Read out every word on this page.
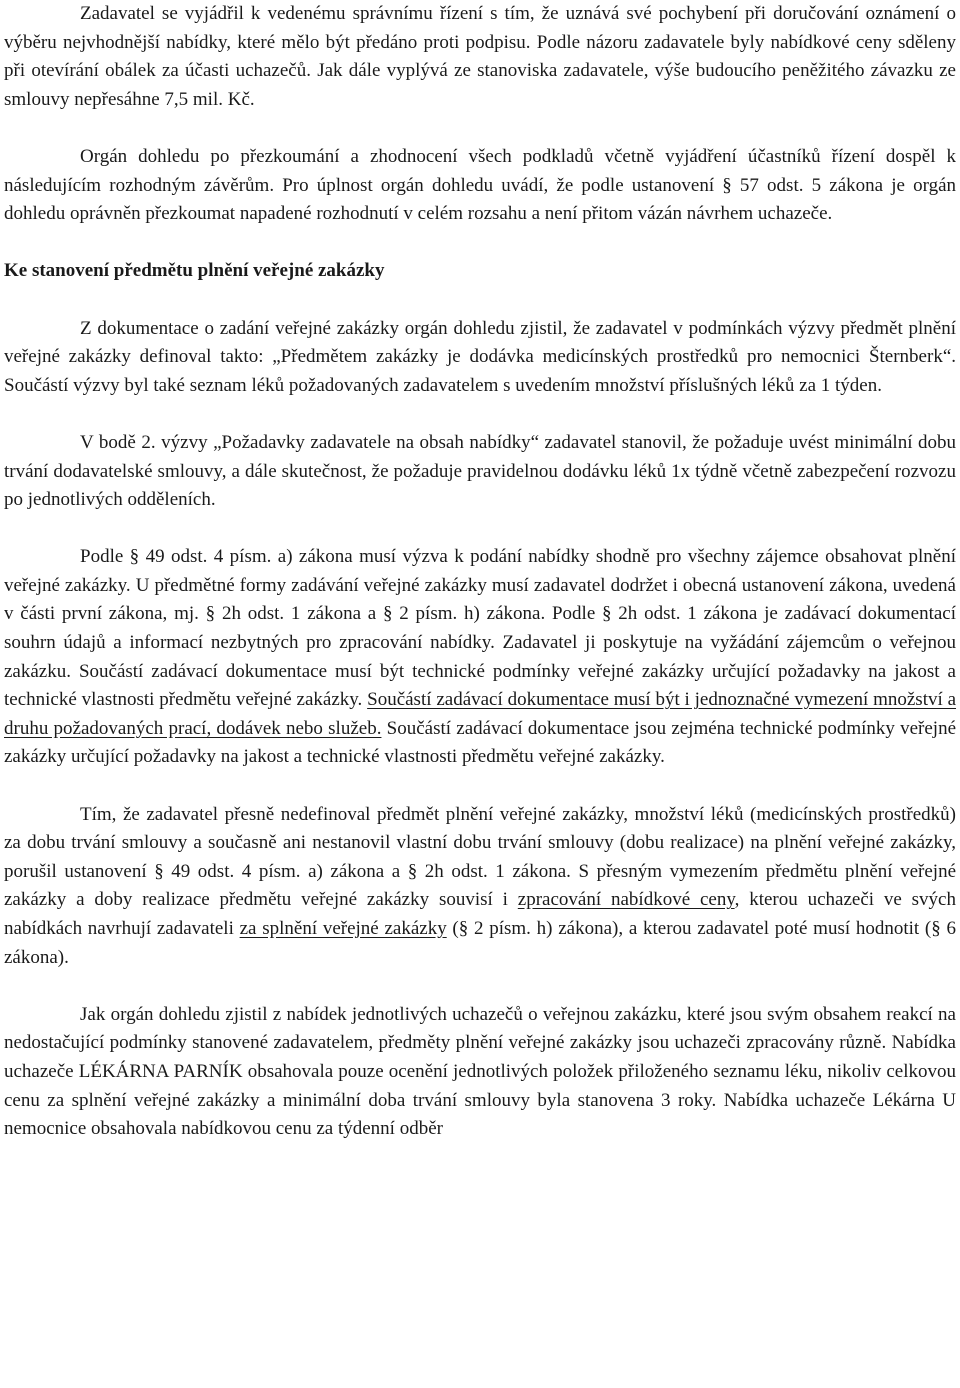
Zadavatel se vyjádřil k vedenému správnímu řízení s tím, že uznává své pochybení při doručování oznámení o výběru nejvhodnější nabídky, které mělo být předáno proti podpisu. Podle názoru zadavatele byly nabídkové ceny sděleny při otevírání obálek za účasti uchazečů. Jak dále vyplývá ze stanoviska zadavatele, výše budoucího peněžitého závazku ze smlouvy nepřesáhne 7,5 mil. Kč.

Orgán dohledu po přezkoumání a zhodnocení všech podkladů včetně vyjádření účastníků řízení dospěl k následujícím rozhodným závěrům. Pro úplnost orgán dohledu uvádí, že podle ustanovení § 57 odst. 5 zákona je orgán dohledu oprávněn přezkoumat napadené rozhodnutí v celém rozsahu a není přitom vázán návrhem uchazeče.

Ke stanovení předmětu plnění veřejné zakázky

Z dokumentace o zadání veřejné zakázky orgán dohledu zjistil, že zadavatel v podmínkách výzvy předmět plnění veřejné zakázky definoval takto: „Předmětem zakázky je dodávka medicínských prostředků pro nemocnici Šternberk“. Součástí výzvy byl také seznam léků požadovaných zadavatelem s uvedením množství příslušných léků za 1 týden.

V bodě 2. výzvy „Požadavky zadavatele na obsah nabídky“ zadavatel stanovil, že požaduje uvést minimální dobu trvání dodavatelské smlouvy, a dále skutečnost, že požaduje pravidelnou dodávku léků 1x týdně včetně zabezpečení rozvozu po jednotlivých odděleních.

Podle § 49 odst. 4 písm. a) zákona musí výzva k podání nabídky shodně pro všechny zájemce obsahovat plnění veřejné zakázky. U předmětné formy zadávání veřejné zakázky musí zadavatel dodržet i obecná ustanovení zákona, uvedená v části první zákona, mj. § 2h odst. 1 zákona a § 2 písm. h) zákona. Podle § 2h odst. 1 zákona je zadávací dokumentací souhrn údajů a informací nezbytných pro zpracování nabídky. Zadavatel ji poskytuje na vyžádání zájemcům o veřejnou zakázku. Součástí zadávací dokumentace musí být technické podmínky veřejné zakázky určující požadavky na jakost a technické vlastnosti předmětu veřejné zakázky. Součástí zadávací dokumentace musí být i jednoznačné vymezení množství a druhu požadovaných prací, dodávek nebo služeb. Součástí zadávací dokumentace jsou zejména technické podmínky veřejné zakázky určující požadavky na jakost a technické vlastnosti předmětu veřejné zakázky.

Tím, že zadavatel přesně nedefinoval předmět plnění veřejné zakázky, množství léků (medicínských prostředků) za dobu trvání smlouvy a současně ani nestanovil vlastní dobu trvání smlouvy (dobu realizace) na plnění veřejné zakázky, porušil ustanovení § 49 odst. 4 písm. a) zákona a § 2h odst. 1 zákona. S přesným vymezením předmětu plnění veřejné zakázky a doby realizace předmětu veřejné zakázky souvisí i zpracování nabídkové ceny, kterou uchazeči ve svých nabídkách navrhují zadavateli za splnění veřejné zakázky (§ 2 písm. h) zákona), a kterou zadavatel poté musí hodnotit (§ 6 zákona).

Jak orgán dohledu zjistil z nabídek jednotlivých uchazečů o veřejnou zakázku, které jsou svým obsahem reakcí na nedostačující podmínky stanovené zadavatelem, předměty plnění veřejné zakázky jsou uchazeči zpracovány různě. Nabídka uchazeče LÉKÁRNA PARNÍK obsahovala pouze ocenění jednotlivých položek přiloženého seznamu léku, nikoliv celkovou cenu za splnění veřejné zakázky a minimální doba trvání smlouvy byla stanovena 3 roky. Nabídka uchazeče Lékárna U nemocnice obsahovala nabídkovou cenu za týdenní odběr
